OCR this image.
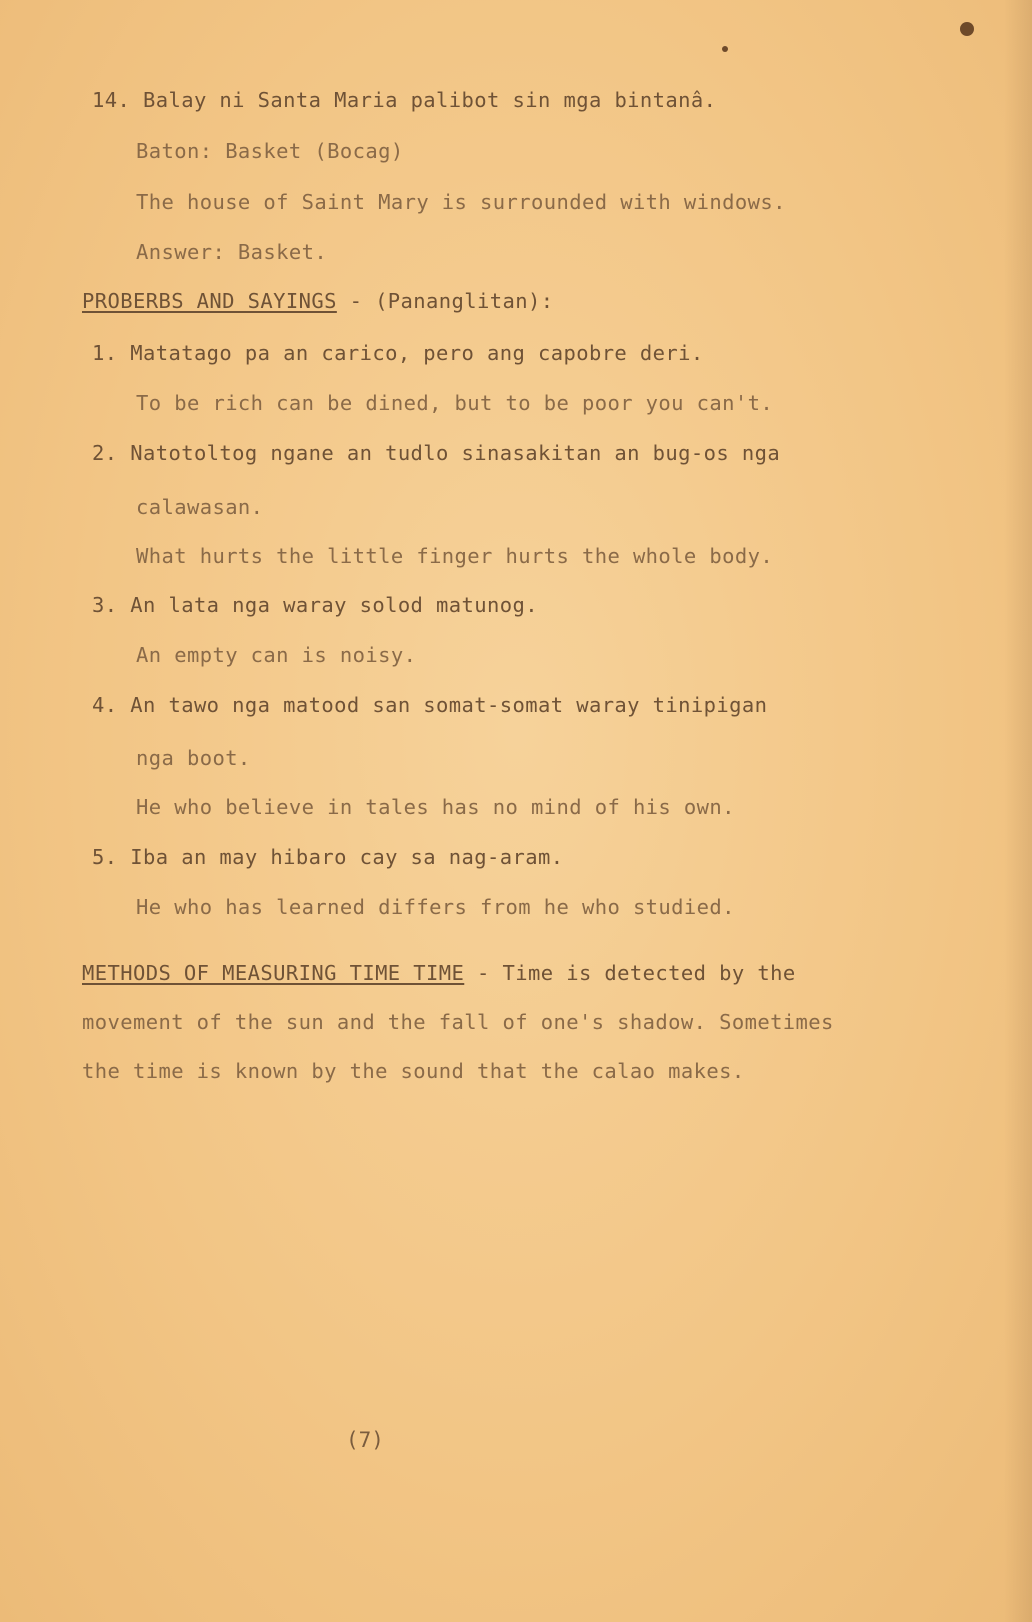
14. Balay ni Santa Maria palibot sin mga bintanâ.
Baton: Basket (Bocag)
The house of Saint Mary is surrounded with windows.
Answer: Basket.
PROBERBS AND SAYINGS - (Pananglitan):
1. Matatago pa an carico, pero ang capobre deri.
To be rich can be dined, but to be poor you can't.
2. Natotoltog ngane an tudlo sinasakitan an bug-os nga
calawasan.
What hurts the little finger hurts the whole body.
3. An lata nga waray solod matunog.
An empty can is noisy.
4. An tawo nga matood san somat-somat waray tinipigan
nga boot.
He who believe in tales has no mind of his own.
5. Iba an may hibaro cay sa nag-aram.
He who has learned differs from he who studied.
METHODS OF MEASURING TIME TIME - Time is detected by the
movement of the sun and the fall of one's shadow. Sometimes
the time is known by the sound that the calao makes.
(7)
